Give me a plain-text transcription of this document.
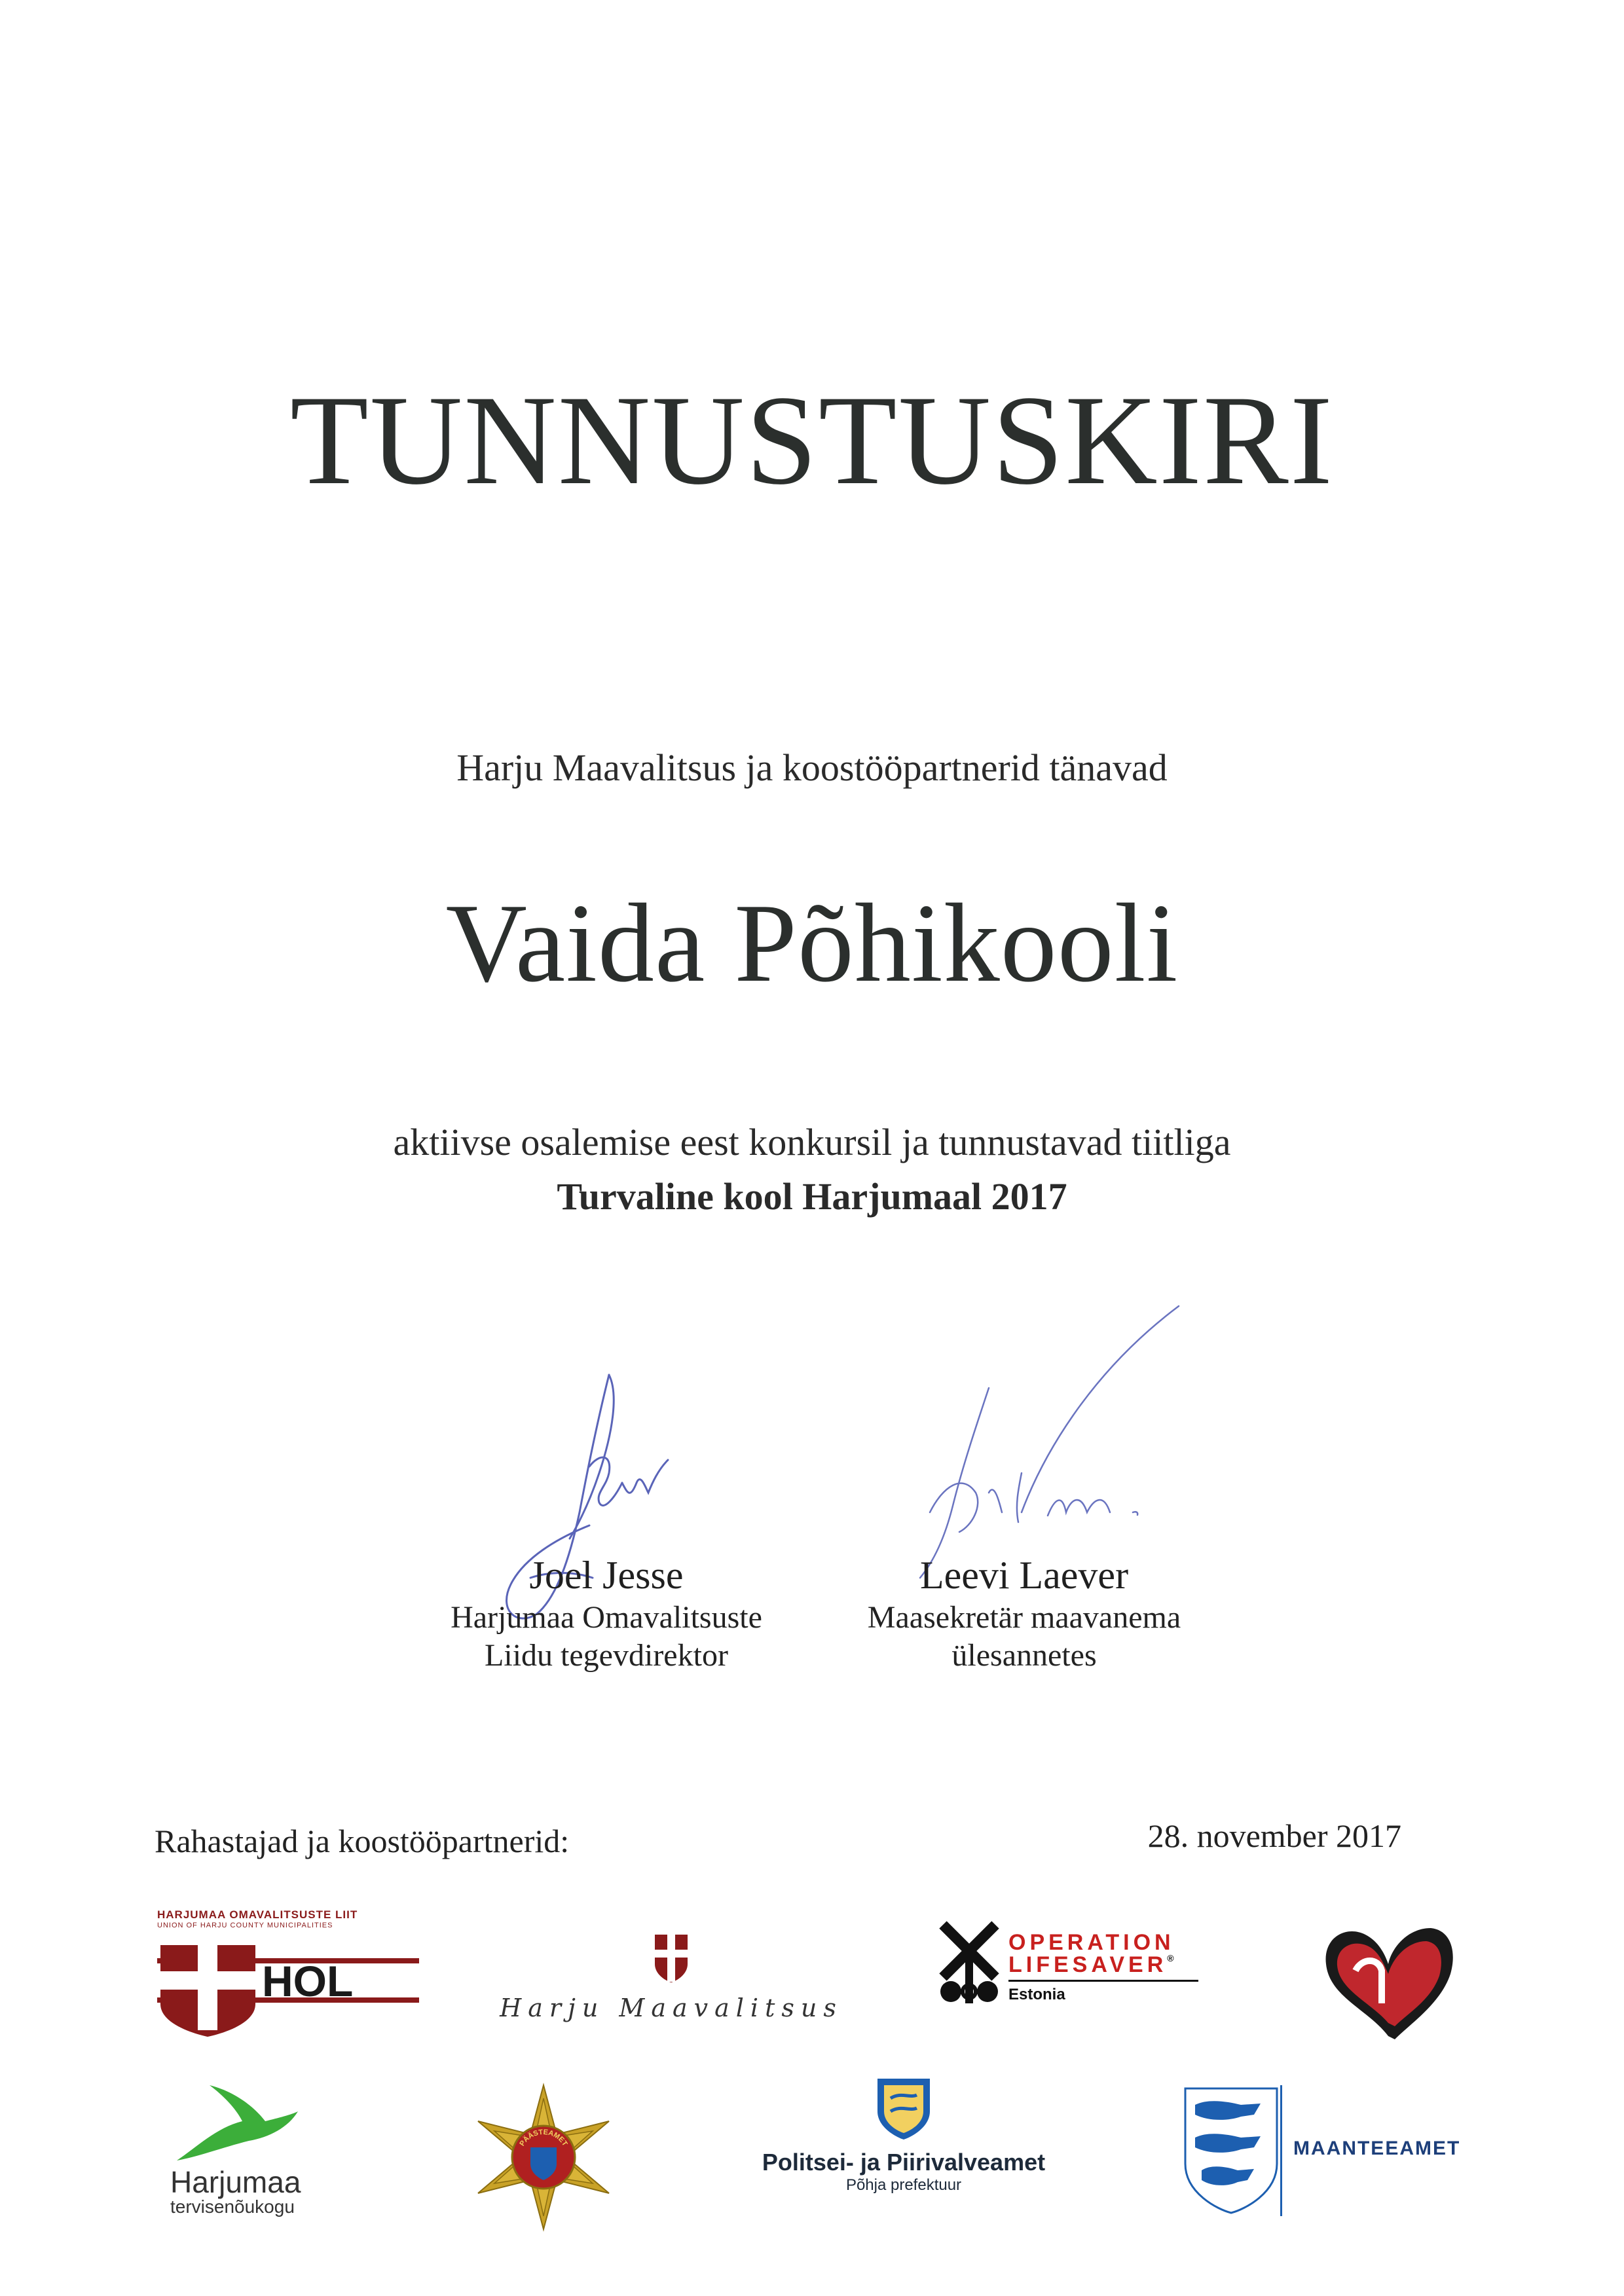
TUNNUSTUSKIRI
Harju Maavalitsus ja koostööpartnerid tänavad
Vaida Põhikooli
aktiivse osalemise eest konkursil ja tunnustavad tiitliga
Turvaline kool Harjumaal 2017
Joel Jesse
Harjumaa Omavalitsuste
Liidu tegevdirektor
Leevi Laever
Maasekretär maavanema
ülesannetes
Rahastajad ja koostööpartnerid:	28. november 2017
HARJUMAA OMAVALITSUSTE LIIT
UNION OF HARJU COUNTY MUNICIPALITIES
HOL
Harju Maavalitsus
OPERATION
LIFESAVER®
Estonia
Harjumaa
tervisenõukogu
PÄÄSTEAMET
Politsei- ja Piirivalveamet
Põhja prefektuur
MAANTEEAMET
